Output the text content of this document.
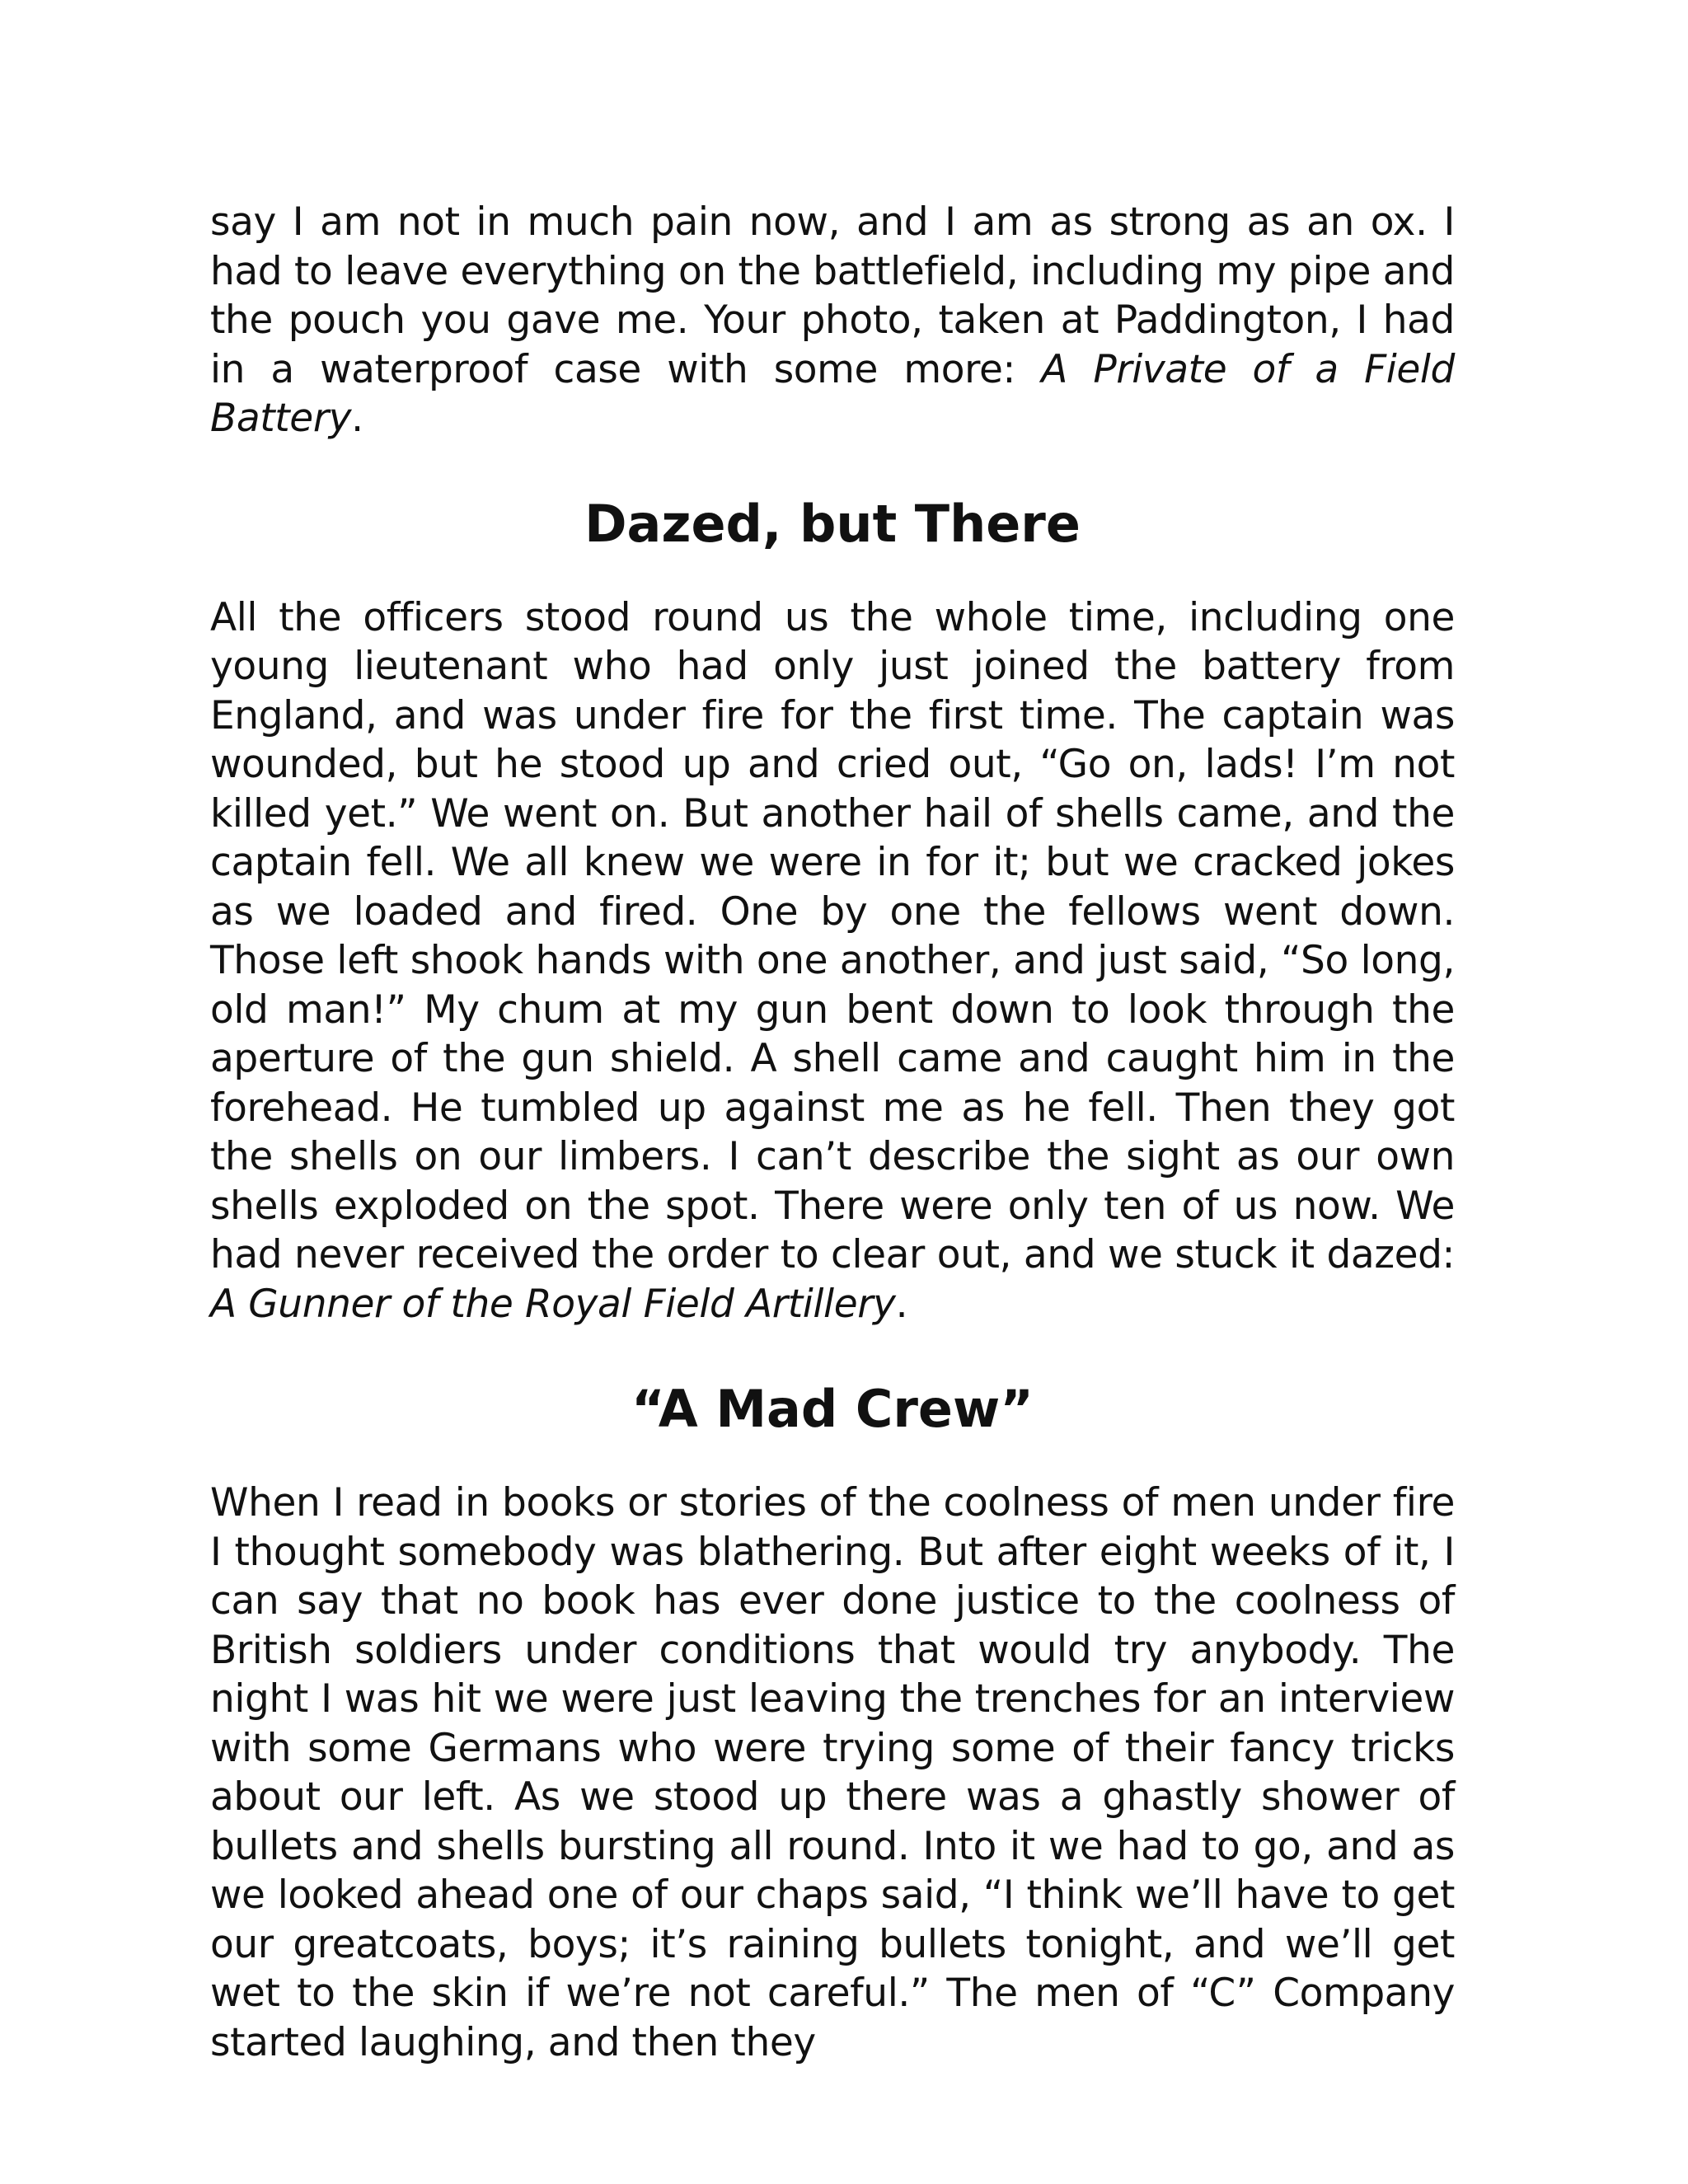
say I am not in much pain now, and I am as strong as an ox. I had to leave everything on the battlefield, including my pipe and the pouch you gave me. Your photo, taken at Paddington, I had in a waterproof case with some more: A Private of a Field Battery.

Dazed, but There

All the officers stood round us the whole time, including one young lieutenant who had only just joined the battery from England, and was under fire for the first time. The captain was wounded, but he stood up and cried out, “Go on, lads! I’m not killed yet.” We went on. But another hail of shells came, and the captain fell. We all knew we were in for it; but we cracked jokes as we loaded and fired. One by one the fellows went down. Those left shook hands with one another, and just said, “So long, old man!” My chum at my gun bent down to look through the aperture of the gun shield. A shell came and caught him in the forehead. He tumbled up against me as he fell. Then they got the shells on our limbers. I can’t describe the sight as our own shells exploded on the spot. There were only ten of us now. We had never received the order to clear out, and we stuck it dazed: A Gunner of the Royal Field Artillery.

“A Mad Crew”

When I read in books or stories of the coolness of men under fire I thought somebody was blathering. But after eight weeks of it, I can say that no book has ever done justice to the coolness of British soldiers under conditions that would try anybody. The night I was hit we were just leaving the trenches for an interview with some Germans who were trying some of their fancy tricks about our left. As we stood up there was a ghastly shower of bullets and shells bursting all round. Into it we had to go, and as we looked ahead one of our chaps said, “I think we’ll have to get our greatcoats, boys; it’s raining bullets tonight, and we’ll get wet to the skin if we’re not careful.” The men of “C” Company started laughing, and then they
